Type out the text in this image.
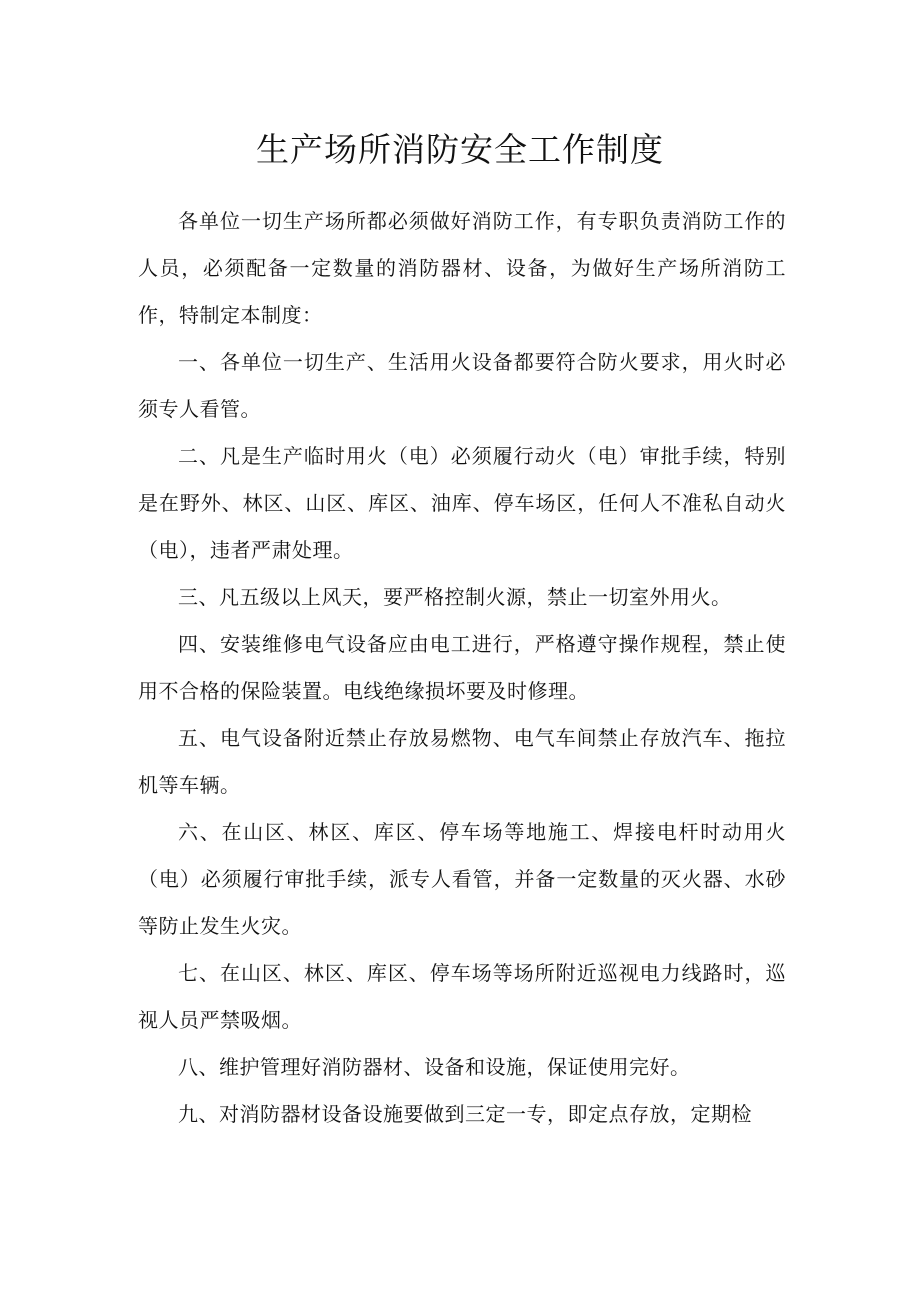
生产场所消防安全工作制度

各单位一切生产场所都必须做好消防工作，有专职负责消防工作的人员，必须配备一定数量的消防器材、设备，为做好生产场所消防工作，特制定本制度：

一、各单位一切生产、生活用火设备都要符合防火要求，用火时必须专人看管。

二、凡是生产临时用火（电）必须履行动火（电）审批手续，特别是在野外、林区、山区、库区、油库、停车场区，任何人不准私自动火（电），违者严肃处理。

三、凡五级以上风天，要严格控制火源，禁止一切室外用火。

四、安装维修电气设备应由电工进行，严格遵守操作规程，禁止使用不合格的保险装置。电线绝缘损坏要及时修理。

五、电气设备附近禁止存放易燃物、电气车间禁止存放汽车、拖拉机等车辆。

六、在山区、林区、库区、停车场等地施工、焊接电杆时动用火（电）必须履行审批手续，派专人看管，并备一定数量的灭火器、水砂等防止发生火灾。

七、在山区、林区、库区、停车场等场所附近巡视电力线路时，巡视人员严禁吸烟。

八、维护管理好消防器材、设备和设施，保证使用完好。

九、对消防器材设备设施要做到三定一专，即定点存放，定期检
